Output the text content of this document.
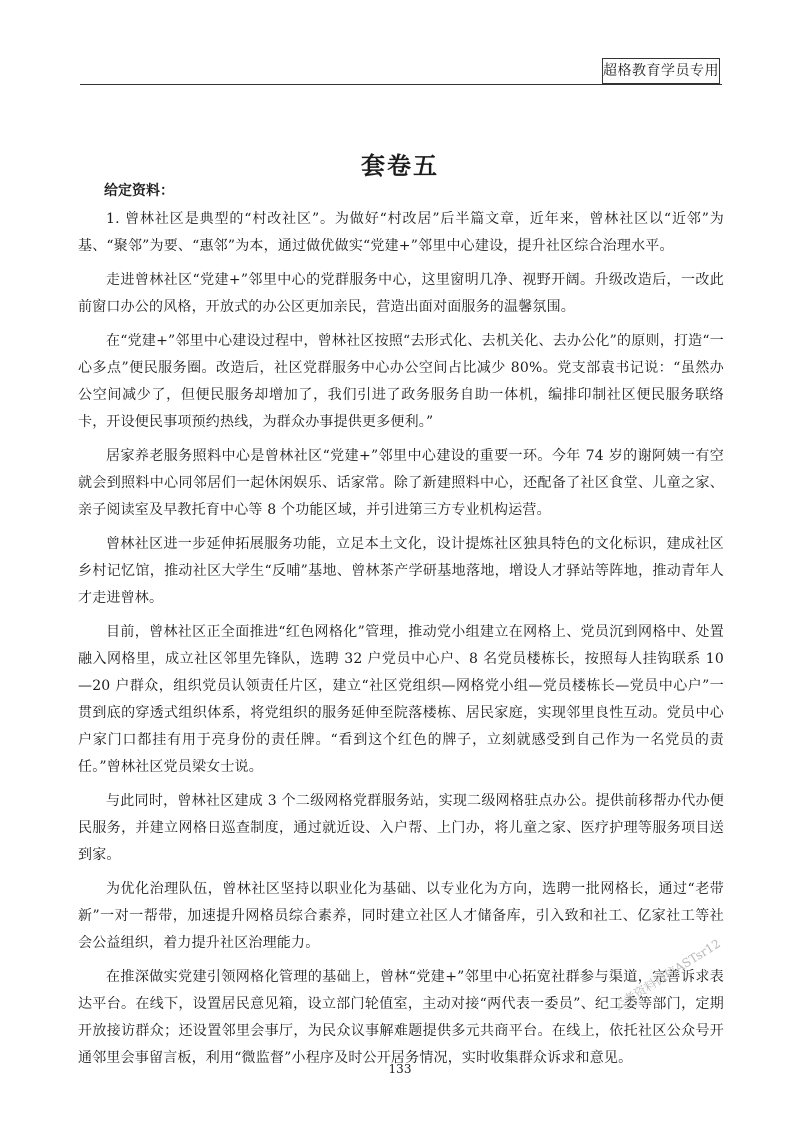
超格教育学员专用
套卷五
给定资料：

1. 曾林社区是典型的“村改社区”。为做好“村改居”后半篇文章，近年来，曾林社区以“近邻”为基、“聚邻”为要、“惠邻”为本，通过做优做实“党建+”邻里中心建设，提升社区综合治理水平。

走进曾林社区“党建+”邻里中心的党群服务中心，这里窗明几净、视野开阔。升级改造后，一改此前窗口办公的风格，开放式的办公区更加亲民，营造出面对面服务的温馨氛围。

在“党建+”邻里中心建设过程中，曾林社区按照“去形式化、去机关化、去办公化”的原则，打造“一心多点”便民服务圈。改造后，社区党群服务中心办公空间占比减少 80%。党支部袁书记说：“虽然办公空间减少了，但便民服务却增加了，我们引进了政务服务自助一体机，编排印制社区便民服务联络卡，开设便民事项预约热线，为群众办事提供更多便利。”

居家养老服务照料中心是曾林社区“党建+”邻里中心建设的重要一环。今年 74 岁的谢阿姨一有空就会到照料中心同邻居们一起休闲娱乐、话家常。除了新建照料中心，还配备了社区食堂、儿童之家、亲子阅读室及早教托育中心等 8 个功能区域，并引进第三方专业机构运营。

曾林社区进一步延伸拓展服务功能，立足本土文化，设计提炼社区独具特色的文化标识，建成社区乡村记忆馆，推动社区大学生“反哺”基地、曾林茶产学研基地落地，增设人才驿站等阵地，推动青年人才走进曾林。

目前，曾林社区正全面推进“红色网格化”管理，推动党小组建立在网格上、党员沉到网格中、处置融入网格里，成立社区邻里先锋队，选聘 32 户党员中心户、8 名党员楼栋长，按照每人挂钩联系 10—20 户群众，组织党员认领责任片区，建立“社区党组织—网格党小组—党员楼栋长—党员中心户”一贯到底的穿透式组织体系，将党组织的服务延伸至院落楼栋、居民家庭，实现邻里良性互动。党员中心户家门口都挂有用于亮身份的责任牌。“看到这个红色的牌子，立刻就感受到自己作为一名党员的责任。”曾林社区党员梁女士说。

与此同时，曾林社区建成 3 个二级网格党群服务站，实现二级网格驻点办公。提供前移帮办代办便民服务，并建立网格日巡查制度，通过就近设、入户帮、上门办，将儿童之家、医疗护理等服务项目送到家。

为优化治理队伍，曾林社区坚持以职业化为基础、以专业化为方向，选聘一批网格长，通过“老带新”一对一帮带，加速提升网格员综合素养，同时建立社区人才储备库，引入致和社工、亿家社工等社会公益组织，着力提升社区治理能力。

在推深做实党建引领网格化管理的基础上，曾林“党建+”邻里中心拓宽社群参与渠道，完善诉求表达平台。在线下，设置居民意见箱，设立部门轮值室，主动对接“两代表一委员”、纪工委等部门，定期开放接访群众；还设置邻里会事厅，为民众议事解难题提供多元共商平台。在线上，依托社区公众号开通邻里会事留言板，利用“微监督”小程序及时公开居务情况，实时收集群众诉求和意见。

公考资料微信ASTsr12
133
